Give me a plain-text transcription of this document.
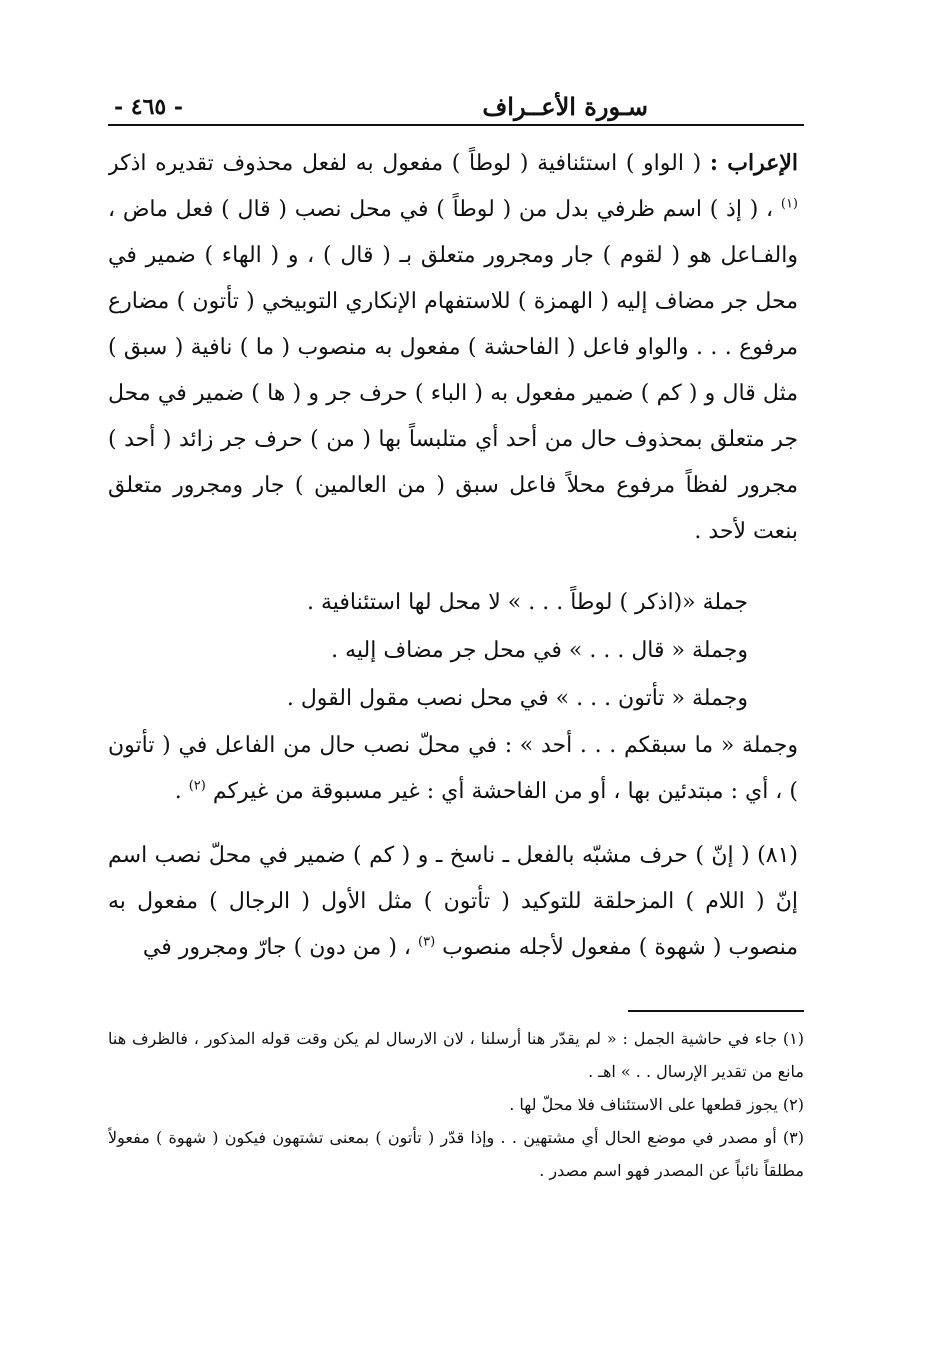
سـورة الأعــراف
- ٤٦٥ -

الإعراب : ( الواو ) استئنافية ( لوطاً ) مفعول به لفعل محذوف تقديره اذكر $^{(١)}$ ، ( إذ ) اسم ظرفي بدل من ( لوطاً ) في محل نصب ( قال ) فعل ماض ، والفـاعل هو ( لقوم ) جار ومجرور متعلق بـ ( قال ) ، و ( الهاء ) ضمير في محل جر مضاف إليه ( الهمزة ) للاستفهام الإنكاري التوبيخي ( تأتون ) مضارع مرفوع . . . والواو فاعل ( الفاحشة ) مفعول به منصوب ( ما ) نافية ( سبق ) مثل قال و ( كم ) ضمير مفعول به ( الباء ) حرف جر و ( ها ) ضمير في محل جر متعلق بمحذوف حال من أحد أي متلبساً بها ( من ) حرف جر زائد ( أحد ) مجرور لفظاً مرفوع محلاً فاعل سبق ( من العالمين ) جار ومجرور متعلق بنعت لأحد .

جملة «(اذكر ) لوطاً . . . » لا محل لها استئنافية .

وجملة « قال . . . » في محل جر مضاف إليه .

وجملة « تأتون . . . » في محل نصب مقول القول .

وجملة « ما سبقكم . . . أحد » : في محلّ نصب حال من الفاعل في ( تأتون ) ، أي : مبتدئين بها ، أو من الفاحشة أي : غير مسبوقة من غيركم $^{(٢)}$ .

(٨١) ( إنّ ) حرف مشبّه بالفعل ـ ناسخ ـ و ( كم ) ضمير في محلّ نصب اسم إنّ ( اللام ) المزحلقة للتوكيد ( تأتون ) مثل الأول ( الرجال ) مفعول به منصوب ( شهوة ) مفعول لأجله منصوب $^{(٣)}$ ، ( من دون ) جارّ ومجرور في

(١) جاء في حاشية الجمل : « لم يقدّر هنا أرسلنا ، لان الارسال لم يكن وقت قوله المذكور ، فالظرف هنا مانع من تقدير الإرسال . . » اهـ .

(٢) يجوز قطعها على الاستئناف فلا محلّ لها .

(٣) أو مصدر في موضع الحال أي مشتهين . . وإذا قدّر ( تأتون ) بمعنى تشتهون فيكون ( شهوة ) مفعولاً مطلقاً نائباً عن المصدر فهو اسم مصدر .
